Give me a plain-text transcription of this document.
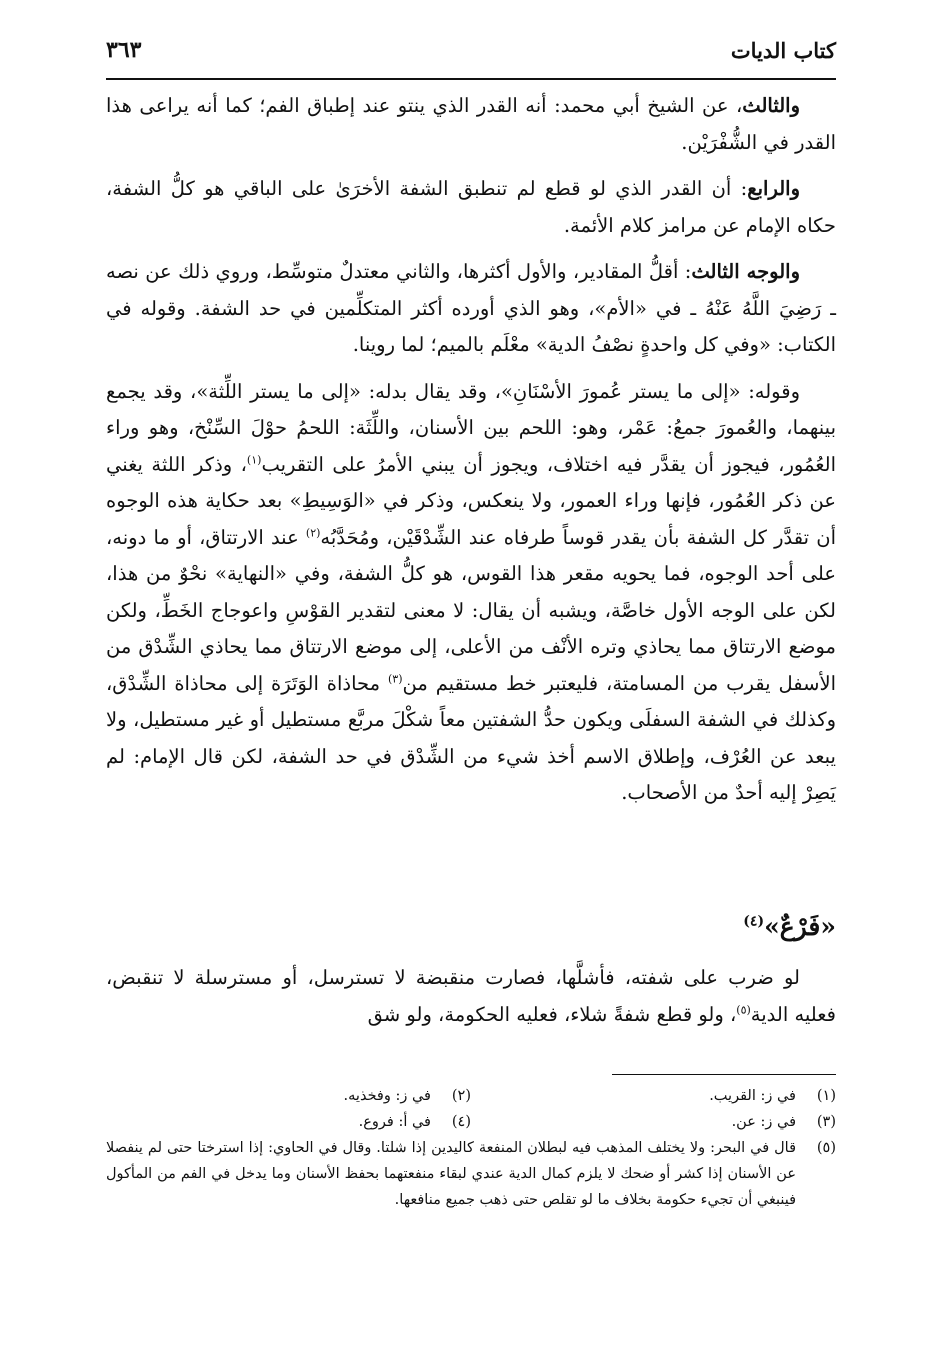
كتاب الديات
٣٦٣

والثالث، عن الشيخ أبي محمد: أنه القدر الذي ينتو عند إطباق الفم؛ كما أنه يراعى هذا القدر في الشُّفْرَيْن.

والرابع: أن القدر الذي لو قطع لم تنطبق الشفة الأخرَىٰ على الباقي هو كلُّ الشفة، حكاه الإمام عن مرامز كلام الأئمة.

والوجه الثالث: أقلُّ المقادير، والأول أكثرها، والثاني معتدلٌ متوسِّط، وروي ذلك عن نصه ـ رَضِيَ اللَّهُ عَنْهُ ـ في «الأم»، وهو الذي أورده أكثر المتكلِّمين في حد الشفة. وقوله في الكتاب: «وفي كل واحدةٍ نصْفُ الدية» معْلَم بالميم؛ لما روينا.

وقوله: «إلى ما يستر عُمورَ الأسْنَانِ»، وقد يقال بدله: «إلى ما يستر اللِّثة»، وقد يجمع بينهما، والعُمورَ جمعُ: عَمْر، وهو: اللحم بين الأسنان، واللِّثَة: اللحمُ حوْلَ السِّنْخ، وهو وراء العُمُور، فيجوز أن يقدَّر فيه اختلاف، ويجوز أن يبني الأمرُ على التقريب$^{(١)}$، وذكر اللثة يغني عن ذكر العُمُور، فإنها وراء العمور، ولا ينعكس، وذكر في «الوَسِيطِ» بعد حكاية هذه الوجوه أن تقدَّر كل الشفة بأن يقدر قوساً طرفاه عند الشِّدْقَيْن، ومُحَدَّبُه$^{(٢)}$ عند الارتتاق، أو ما دونه، على أحد الوجوه، فما يحويه مقعر هذا القوس، هو كلُّ الشفة، وفي «النهاية» نحْوٌ من هذا، لكن على الوجه الأول خاصَّة، ويشبه أن يقال: لا معنى لتقدير القوْسِ واعوجاج الخَطِّ، ولكن موضع الارتتاق مما يحاذي وتره الأنْف من الأعلى، إلى موضع الارتتاق مما يحاذي الشِّدْق من الأسفل يقرب من المسامتة، فليعتبر خط مستقيم من$^{(٣)}$ محاذاة الوَتَرَة إلى محاذاة الشِّدْق، وكذلك في الشفة السفلَى ويكون حدُّ الشفتين معاً شكْلَ مربَّع مستطيل أو غير مستطيل، ولا يبعد عن العُرْف، وإطلاق الاسم أخذ شيء من الشِّدْق في حد الشفة، لكن قال الإمام: لم يَصِرْ إليه أحدٌ من الأصحاب.

«فَرْعٌ»$^{(٤)}$

لو ضرب على شفته، فأشلَّها، فصارت منقبضة لا تسترسل، أو مسترسلة لا تنقبض، فعليه الدية$^{(٥)}$، ولو قطع شفةً شلاء، فعليه الحكومة، ولو شق

(١)
في ز: القريب.
(٢)
في ز: وفخذيه.
(٣)
في ز: عن.
(٤)
في أ: فروع.
(٥)
قال في البحر: ولا يختلف المذهب فيه لبطلان المنفعة كاليدين إذا شلتا. وقال في الحاوي: إذا استرختا حتى لم ينفصلا عن الأسنان إذا كشر أو ضحك لا يلزم كمال الدية عندي لبقاء منفعتهما بحفظ الأسنان وما يدخل في الفم من المأكول فينبغي أن تجيء حكومة بخلاف ما لو تقلص حتى ذهب جميع منافعها.
